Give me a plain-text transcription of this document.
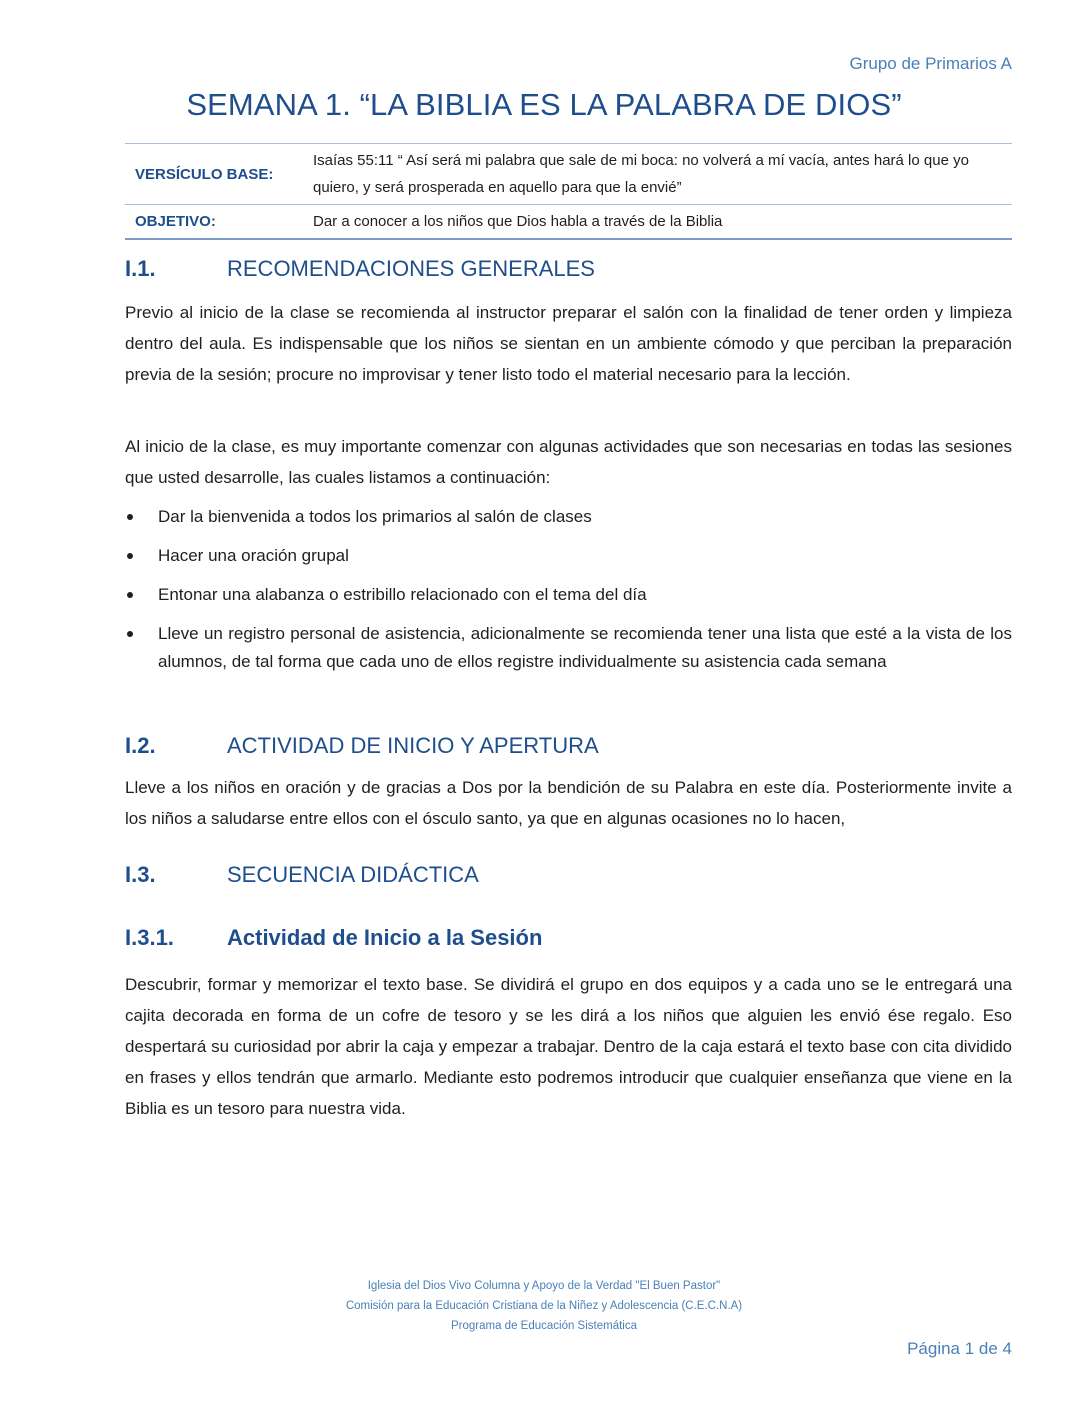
Grupo de Primarios A
SEMANA 1. “LA BIBLIA ES LA PALABRA DE DIOS”
VERSÍCULO BASE:	Isaías 55:11 “ Así será mi palabra que sale de mi boca: no volverá a mí vacía, antes hará lo que yo quiero, y será prosperada en aquello para que la envié”
OBJETIVO:	Dar a conocer a los niños que Dios habla a través de la Biblia
I.1.	RECOMENDACIONES GENERALES

Previo al inicio de la clase se recomienda al instructor preparar el salón con la finalidad de tener orden y limpieza dentro del aula. Es indispensable que los niños se sientan en un ambiente cómodo y que perciban la preparación previa de la sesión; procure no improvisar y tener listo todo el material necesario para la lección.

Al inicio de la clase, es muy importante comenzar con algunas actividades que son necesarias en todas las sesiones que usted desarrolle, las cuales listamos a continuación:

Dar la bienvenida a todos los primarios al salón de clases
Hacer una oración grupal
Entonar una alabanza o estribillo relacionado con el tema del día
Lleve un registro personal de asistencia, adicionalmente se recomienda tener una lista que esté a la vista de los alumnos, de tal forma que cada uno de ellos registre individualmente su asistencia cada semana
I.2.	ACTIVIDAD DE INICIO Y APERTURA

Lleve a los niños en oración y de gracias a Dos por la bendición de su Palabra en este día. Posteriormente invite a los niños a saludarse entre ellos con el ósculo santo, ya que en algunas ocasiones no lo hacen,

I.3.	SECUENCIA DIDÁCTICA
I.3.1. Actividad de Inicio a la Sesión

Descubrir, formar y memorizar el texto base. Se dividirá el grupo en dos equipos y a cada uno se le entregará una cajita decorada en forma de un cofre de tesoro y se les dirá a los niños que alguien les envió ése regalo. Eso despertará su curiosidad por abrir la caja y empezar a trabajar. Dentro de la caja estará el texto base con cita dividido en frases y ellos tendrán que armarlo. Mediante esto podremos introducir que cualquier enseñanza que viene en la Biblia es un tesoro para nuestra vida.

Iglesia del Dios Vivo Columna y Apoyo de la Verdad "El Buen Pastor"
Comisión para la Educación Cristiana de la Niñez y Adolescencia (C.E.C.N.A)
Programa de Educación Sistemática
Página 1 de 4
